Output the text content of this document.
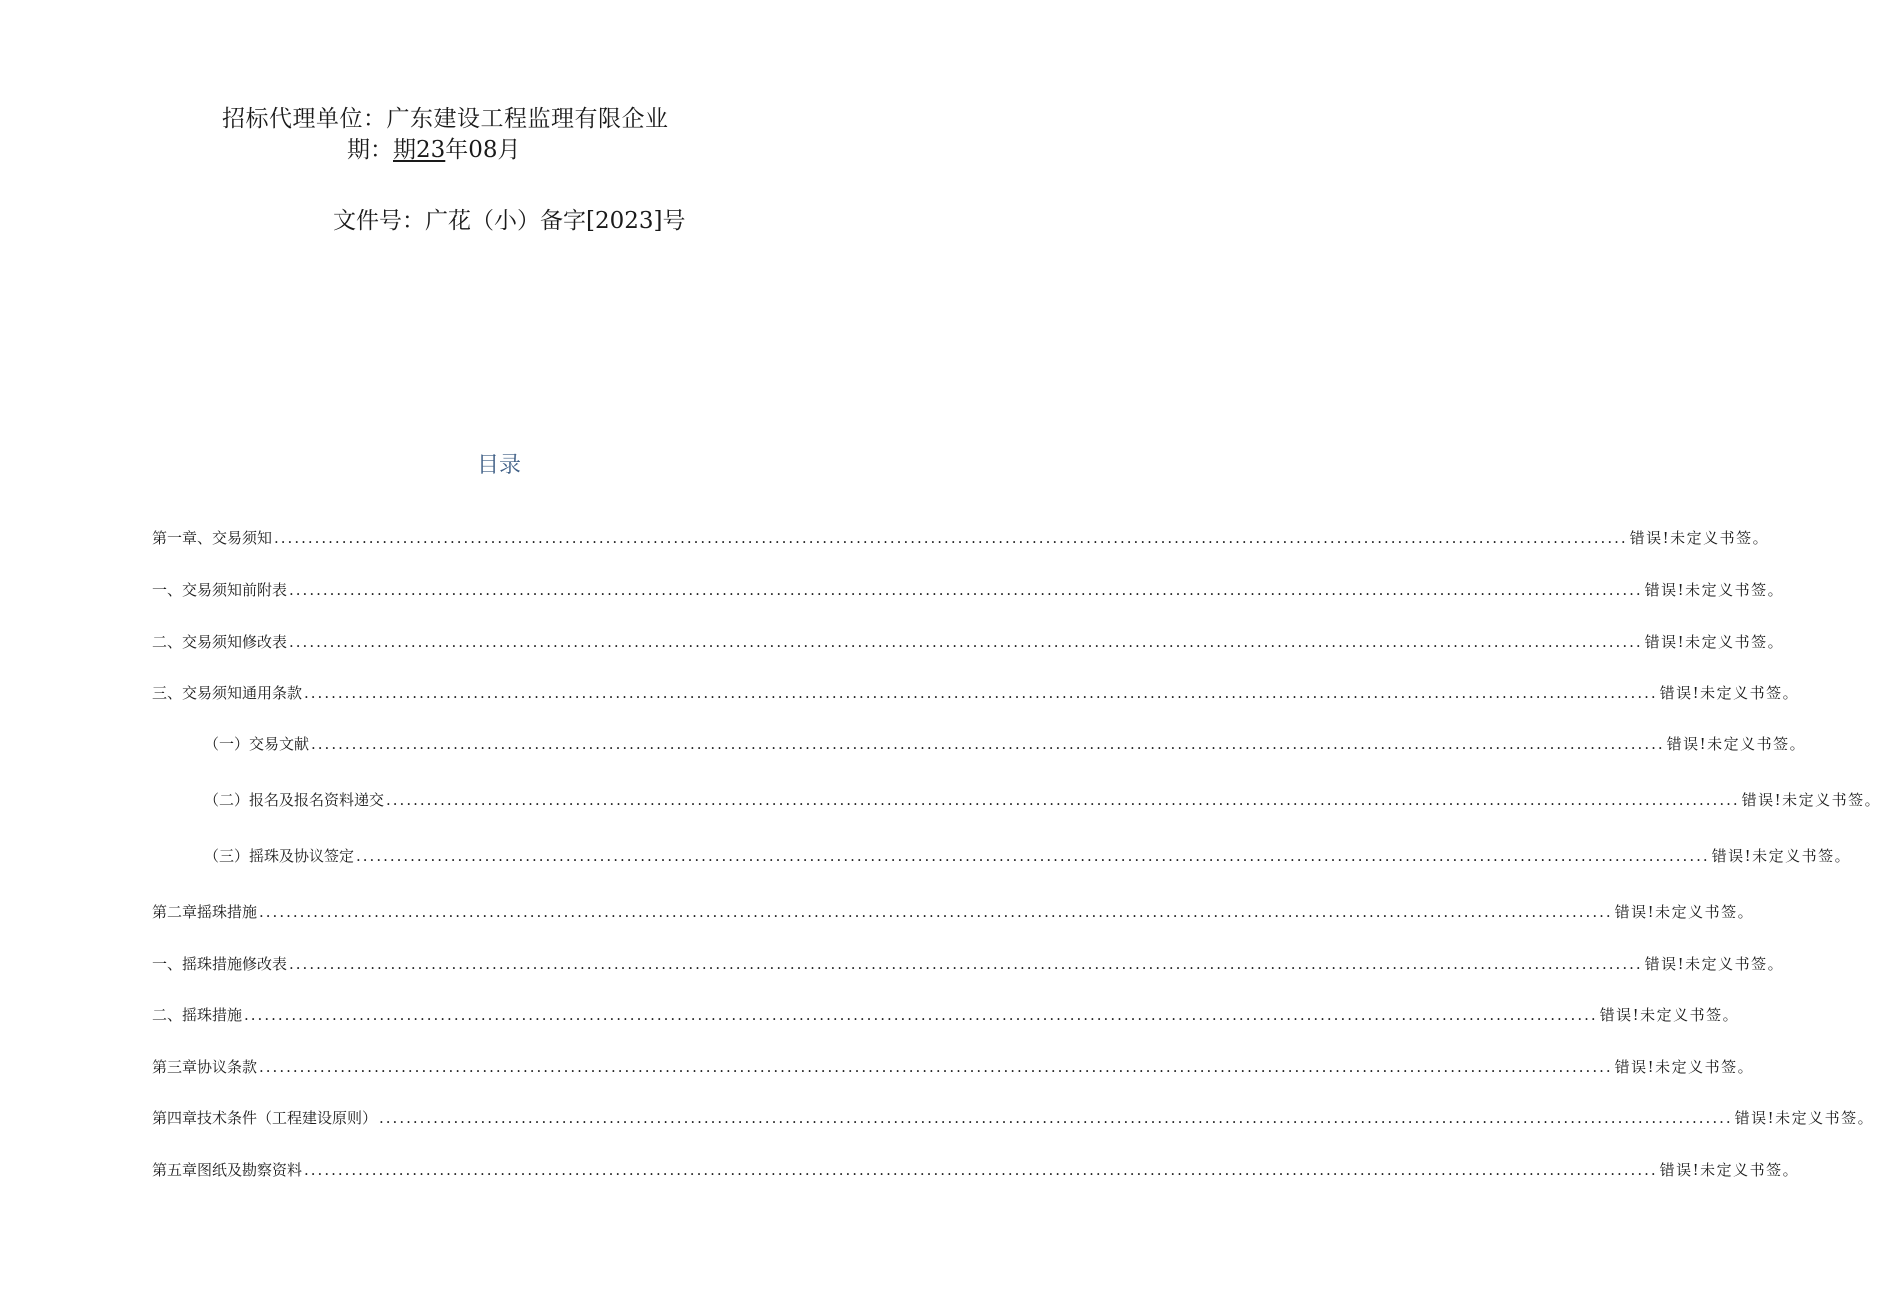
招标代理单位：广东建设工程监理有限企业
期：期23年08月
文件号：广花（小）备字[2023]号
目录
第一章、交易须知 ........................................................................................................................................................................................................ 错误!未定义书签。
一、交易须知前附表 ........................................................................................................................................................................................................ 错误!未定义书签。
二、交易须知修改表 ........................................................................................................................................................................................................ 错误!未定义书签。
三、交易须知通用条款 ........................................................................................................................................................................................................ 错误!未定义书签。
（一）交易文献 ........................................................................................................................................................................................................ 错误!未定义书签。
（二）报名及报名资料递交 ........................................................................................................................................................................................................ 错误!未定义书签。
（三）摇珠及协议签定 ........................................................................................................................................................................................................ 错误!未定义书签。
第二章摇珠措施 ........................................................................................................................................................................................................ 错误!未定义书签。
一、摇珠措施修改表 ........................................................................................................................................................................................................ 错误!未定义书签。
二、摇珠措施 ........................................................................................................................................................................................................ 错误!未定义书签。
第三章协议条款 ........................................................................................................................................................................................................ 错误!未定义书签。
第四章技术条件（工程建设原则） ........................................................................................................................................................................................................ 错误!未定义书签。
第五章图纸及勘察资料 ........................................................................................................................................................................................................ 错误!未定义书签。
